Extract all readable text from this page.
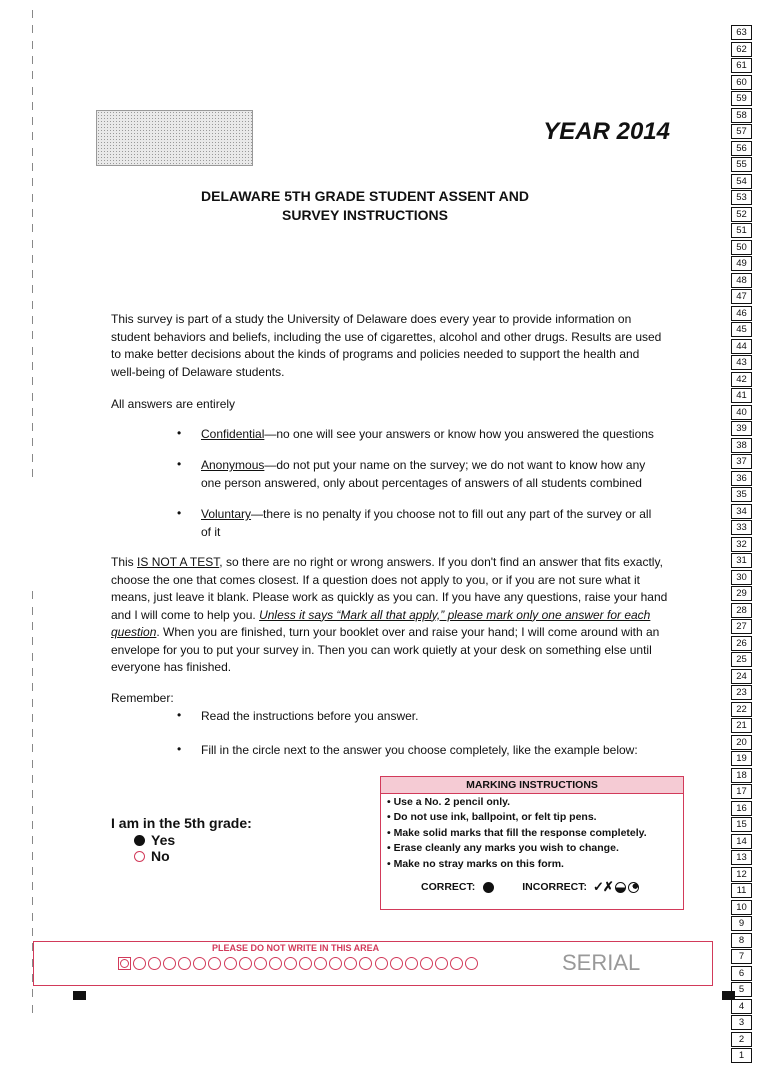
63
62
61
60
59
58
57
56
55
54
53
52
51
50
49
48
47
46
45
44
43
42
41
40
39
38
37
36
35
34
33
32
31
30
29
28
27
26
25
24
23
22
21
20
19
18
17
16
15
14
13
12
11
10
9
8
7
6
5
4
3
2
1
YEAR 2014
DELAWARE 5TH GRADE STUDENT ASSENT AND
SURVEY INSTRUCTIONS
This survey is part of a study the University of Delaware does every year to provide information on
student behaviors and beliefs, including the use of cigarettes, alcohol and other drugs. Results are used
to make better decisions about the kinds of programs and policies needed to support the health and
well-being of Delaware students.
All answers are entirely
• Confidential—no one will see your answers or know how you answered the questions
• Anonymous—do not put your name on the survey; we do not want to know how any
one person answered, only about percentages of answers of all students combined
• Voluntary—there is no penalty if you choose not to fill out any part of the survey or all
of it
This IS NOT A TEST, so there are no right or wrong answers. If you don't find an answer that fits exactly,
choose the one that comes closest. If a question does not apply to you, or if you are not sure what it
means, just leave it blank. Please work as quickly as you can. If you have any questions, raise your hand
and I will come to help you. Unless it says “Mark all that apply,” please mark only one answer for each
question. When you are finished, turn your booklet over and raise your hand; I will come around with an
envelope for you to put your survey in. Then you can work quietly at your desk on something else until
everyone has finished.
Remember:
• Read the instructions before you answer.
• Fill in the circle next to the answer you choose completely, like the example below:
I am in the 5th grade:
Yes
No
MARKING INSTRUCTIONS
• Use a No. 2 pencil only.
• Do not use ink, ballpoint, or felt tip pens.
• Make solid marks that fill the response completely.
• Erase cleanly any marks you wish to change.
• Make no stray marks on this form.
CORRECT:	INCORRECT: ✓✗
PLEASE DO NOT WRITE IN THIS AREA
SERIAL
